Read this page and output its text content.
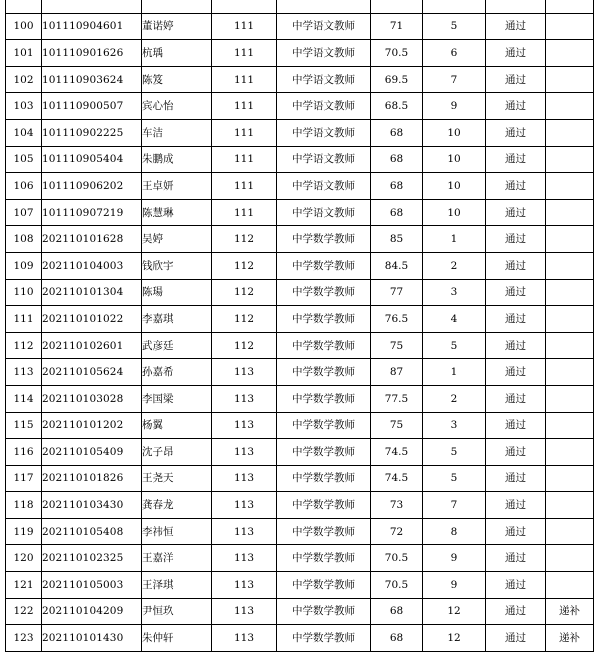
100	101110904601	董诺婷	111	中学语文教师	71	5	通过	
101	101110901626	杭瑀	111	中学语文教师	70.5	6	通过	
102	101110903624	陈笈	111	中学语文教师	69.5	7	通过	
103	101110900507	宾心怡	111	中学语文教师	68.5	9	通过	
104	101110902225	车洁	111	中学语文教师	68	10	通过	
105	101110905404	朱鹏成	111	中学语文教师	68	10	通过	
106	101110906202	王卓妍	111	中学语文教师	68	10	通过	
107	101110907219	陈慧琳	111	中学语文教师	68	10	通过	
108	202110101628	吴婷	112	中学数学教师	85	1	通过	
109	202110104003	钱欣宇	112	中学数学教师	84.5	2	通过	
110	202110101304	陈瑒	112	中学数学教师	77	3	通过	
111	202110101022	李嘉琪	112	中学数学教师	76.5	4	通过	
112	202110102601	武彦廷	112	中学数学教师	75	5	通过	
113	202110105624	孙嘉希	113	中学数学教师	87	1	通过	
114	202110103028	李国梁	113	中学数学教师	77.5	2	通过	
115	202110101202	杨翼	113	中学数学教师	75	3	通过	
116	202110105409	沈子昂	113	中学数学教师	74.5	5	通过	
117	202110101826	王尧天	113	中学数学教师	74.5	5	通过	
118	202110103430	龚春龙	113	中学数学教师	73	7	通过	
119	202110105408	李祎恒	113	中学数学教师	72	8	通过	
120	202110102325	王嘉洋	113	中学数学教师	70.5	9	通过	
121	202110105003	王泽琪	113	中学数学教师	70.5	9	通过	
122	202110104209	尹恒玖	113	中学数学教师	68	12	通过	递补
123	202110101430	朱仲轩	113	中学数学教师	68	12	通过	递补
